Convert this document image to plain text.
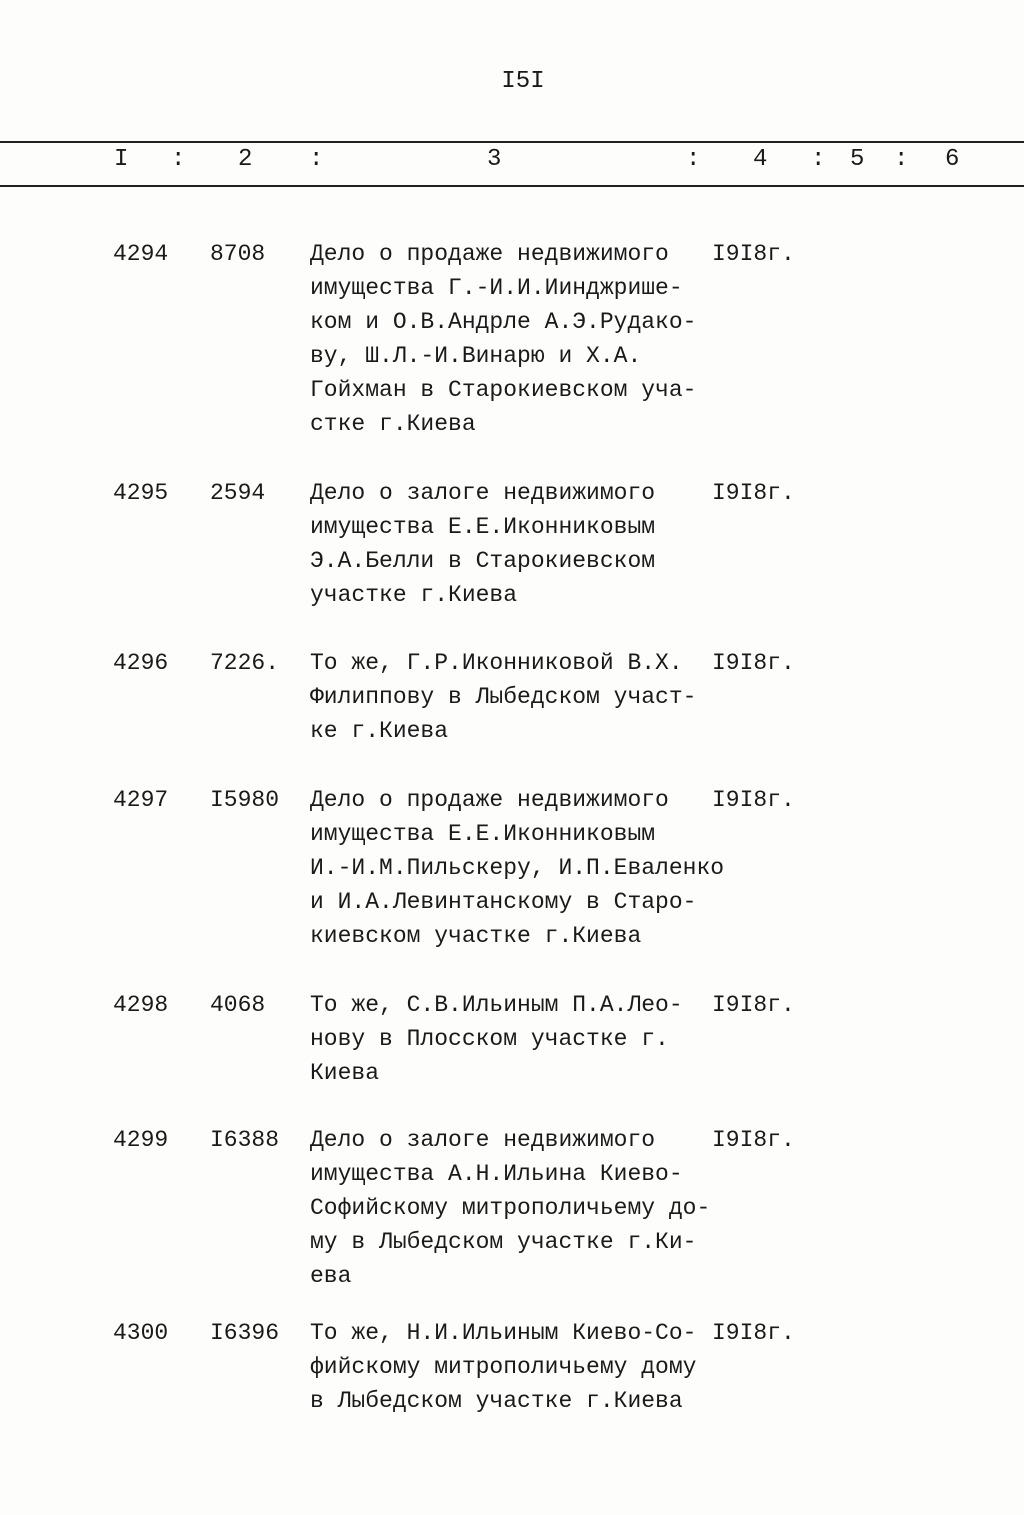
I5I
I : 2 :	3	: 4 : 5 : 6
4294 8708 Дело о продаже недвижимого
имущества Г.-И.И.Иинджрише-
ком и О.В.Андрле А.Э.Рудако-
ву, Ш.Л.-И.Винарю и Х.А.
Гойхман в Старокиевском уча-
стке г.Киева
I9I8г.
4295 2594 Дело о залоге недвижимого
имущества Е.Е.Иконниковым
Э.А.Белли в Старокиевском
участке г.Киева
I9I8г.
4296 7226. То же, Г.Р.Иконниковой В.Х.
Филиппову в Лыбедском участ-
ке г.Киева
I9I8г.
4297 I5980 Дело о продаже недвижимого
имущества Е.Е.Иконниковым
И.-И.М.Пильскеру, И.П.Еваленко
и И.А.Левинтанскому в Старо-
киевском участке г.Киева
I9I8г.
4298 4068 То же, С.В.Ильиным П.А.Лео-
нову в Плосском участке г.
Киева
I9I8г.
4299 I6388 Дело о залоге недвижимого
имущества А.Н.Ильина Киево-
Софийскому митрополичьему до-
му в Лыбедском участке г.Ки-
ева
I9I8г.
4300 I6396 То же, Н.И.Ильиным Киево-Со-
фийскому митрополичьему дому
в Лыбедском участке г.Киева
I9I8г.
